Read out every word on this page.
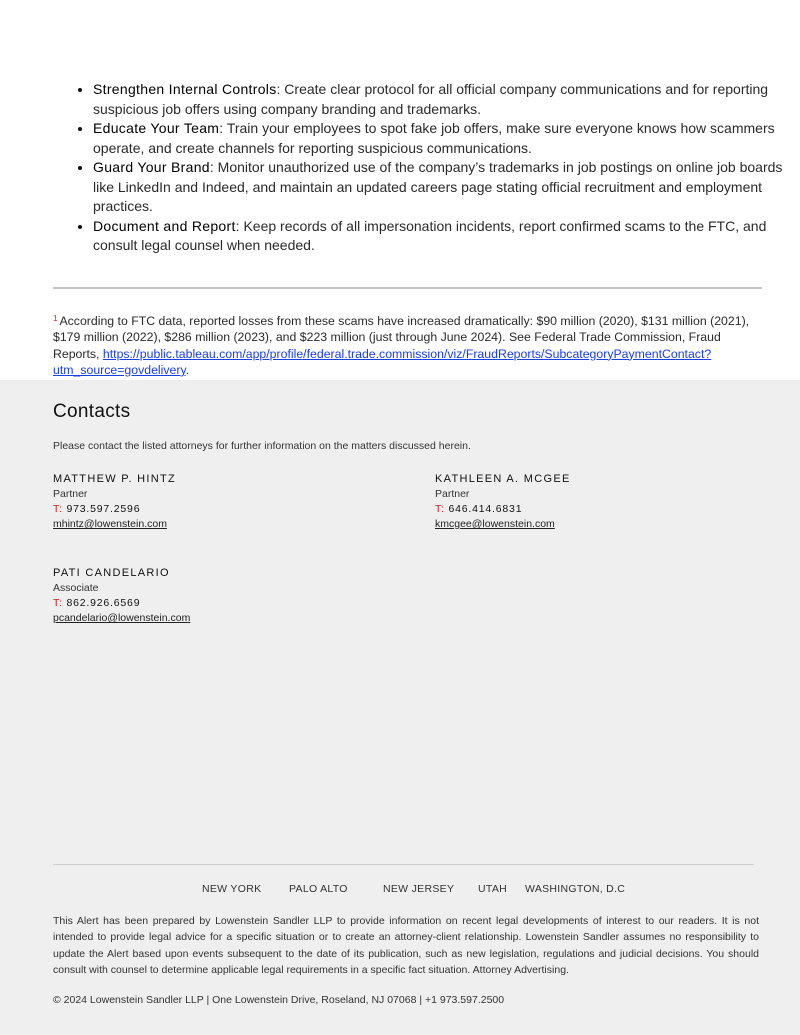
• Strengthen Internal Controls: Create clear protocol for all official company communications and for reporting suspicious job offers using company branding and trademarks.
• Educate Your Team: Train your employees to spot fake job offers, make sure everyone knows how scammers operate, and create channels for reporting suspicious communications.
• Guard Your Brand: Monitor unauthorized use of the company’s trademarks in job postings on online job boards like LinkedIn and Indeed, and maintain an updated careers page stating official recruitment and employment practices.
• Document and Report: Keep records of all impersonation incidents, report confirmed scams to the FTC, and consult legal counsel when needed.
$^1$ According to FTC data, reported losses from these scams have increased dramatically: $90 million (2020), $131 million (2021), $179 million (2022), $286 million (2023), and $223 million (just through June 2024). See Federal Trade Commission, Fraud Reports, https://public.tableau.com/app/profile/federal.trade.commission/viz/FraudReports/SubcategoryPaymentContact?utm_source=govdelivery.
Contacts
Please contact the listed attorneys for further information on the matters discussed herein.
MATTHEW P. HINTZ
Partner
T: 973.597.2596
mhintz@lowenstein.com
KATHLEEN A. MCGEE
Partner
T: 646.414.6831
kmcgee@lowenstein.com
PATI CANDELARIO
Associate
T: 862.926.6569
pcandelario@lowenstein.com
NEW YORK	PALO ALTO	NEW JERSEY UTAH WASHINGTON, D.C
This Alert has been prepared by Lowenstein Sandler LLP to provide information on recent legal developments of interest to our readers. It is not intended to provide legal advice for a specific situation or to create an attorney-client relationship. Lowenstein Sandler assumes no responsibility to update the Alert based upon events subsequent to the date of its publication, such as new legislation, regulations and judicial decisions. You should consult with counsel to determine applicable legal requirements in a specific fact situation. Attorney Advertising.
© 2024 Lowenstein Sandler LLP | One Lowenstein Drive, Roseland, NJ 07068 | +1 973.597.2500
